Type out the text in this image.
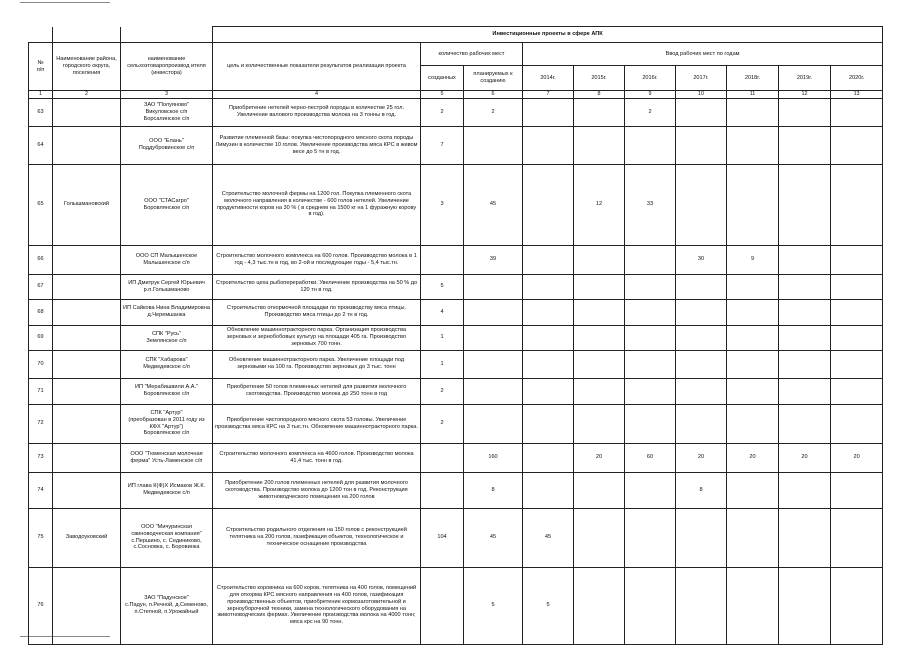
			Инвестиционные проекты в сфере АПК									
№
п/п	Наименование района, городского округа, поселения	наименование сельхозтоваропроизвод ителя (инвестора)	цель и количественные показатели результатов реализации проекта	количество рабочих мест		Ввод рабочих мест по годам						
				созданных	планируемых к созданию							
						2014г.	2015г.	2016г.	2017г.	2018г.	2019г.	2020г.
1	2	3	4	5	6	7	8	9	10	11	12	13
63		ЗАО "Полуяново"
Викуловское с/п
Борсалинское с/п	Приобретение нетелей черно-пестрой породы в количестве 25 гол. Увеличение валового производства молока на 3 тонны в год.	2	2			2				
64		ООО "Елань"
Поддубровинское с/п	Развитие племенной базы: покупка чистопородного мясного скота породы Лимузин в количестве 10 голов. Увеличение производства мяса КРС в живом весе до 5 тн в год.	7								
65	Голышмановский	ООО "СТАСагро"
Боровлянское с/п	Строительство молочной фермы на 1200 гол. Покупка племенного скота молочного направления в количестве - 600 голов нетелей. Увеличение продуктивности коров на 30 % ( в среднем на 1500 кг на 1 фуражную корову в год).	3	45		12	33				
66		ООО СП Малышенское
Малышенское с/п	Строительство молочного комплекса на 600 голов. Производство молока в 1 год - 4,3 тыс.тн в год, во 2-ой и последующие годы - 5,4 тыс.тн.		39				30	9		
67		ИП Дмитрук Сергей Юрьевич
р.п.Голышманово	Строительство цеха рыбопереработки. Увеличение производства на 50 % до 120 тн в год.	5								
68		ИП Сайкова Нина Владимировна
д.Черемшанка	Строительство откормочной площадки по производству мяса птицы. Производство мяса птицы до 2 тн в год.	4								
69		СПК "Русь"
Землянское с/п	Обновление машиннотракторного парка. Организация производства зерновых и зернобобовых культур на площади 405 га. Производство зерновых 700 тонн.	1								
70		СПК "Хабарова"
Медведевское с/п	Обновление машиннотракторного парка. Увеличение площади под зерновыми на 100 га. Производство зерновых до 3 тыс. тонн	1								
71		ИП "Мерабишвили А.А."
Боровлянское с/п	Приобретение 50 голов племенных нетелей для развития молочного скотоводства. Производство молока до 250 тонн в год	2								
72		СПК "Артур"
(преобразован в 2011 году из КФХ "Артур")
Боровлянское с/п	Приобретение чистопородного мясного скота 53 головы. Увеличение производства мяса КРС на 3 тыс.тн. Обновление машиннотракторного парка.	2								
73		ООО "Тюменская молочная ферма" Усть-Ламенское с/п	Строительство молочного комплекса на 4600 голов. Производство молока 41,4 тыс. тонн в год.		160		20	60	20	20	20	20
74		ИП глава К(Ф)Х Исмаков Ж.К. Медведевское с/п	Приобретение 200 голов племенных нетелей для развития молочного скотоводства. Производство молока до 1200 тон в год. Реконструкция животноводческого помещения на 200 голов		8				8			
75	Заводоуковский	ООО "Мичуринская свиноводческая компания" с.Першино, с. Сединиково, с.Сосновка, с. Боровинка	Строительство родильного отделения на 150 голов с реконструкцией телятника на 200 голов, газификация объектов, технологическое и техническое оснащение производства	104	45	45						
76		ЗАО "Падунское"
с.Падун, п.Речной, д.Семеново, п.Степной, п.Урожайный	Строительство коровника на 600 коров, телятника на 400 голов, помещений для откорма КРС мясного направления на 400 голов, газификация производственных объектов, приобретение кормозаготовительной и зерноуборочной техники, замена технологического оборудования на животноводческих фермах. Увеличение производства молока на 4000 тонн; мяса крс на 90 тонн.		5	5						
